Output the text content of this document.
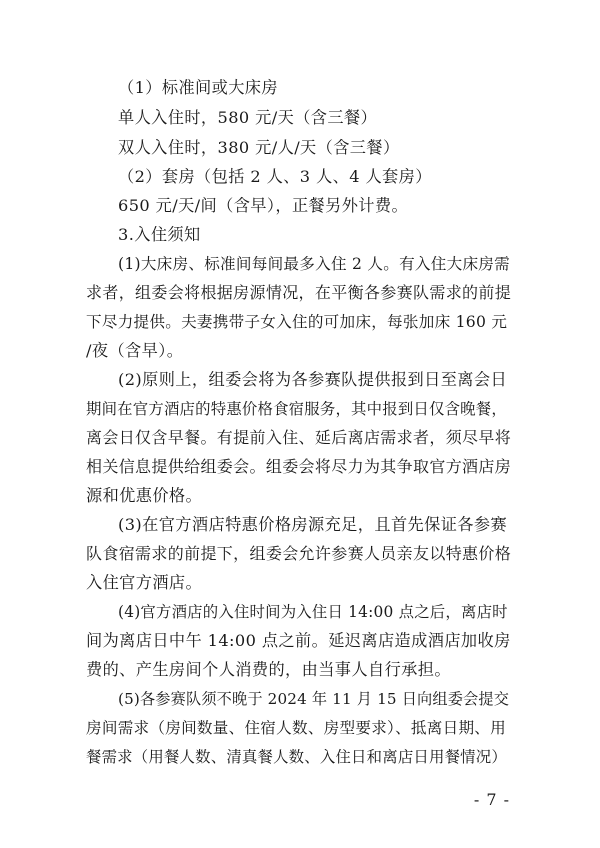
（1）标准间或大床房
单人入住时，580 元/天（含三餐）
双人入住时，380 元/人/天（含三餐）
（2）套房（包括 2 人、3 人、4 人套房）
650 元/天/间（含早），正餐另外计费。
3.入住须知
(1)大床房、标准间每间最多入住 2 人。有入住大床房需
求者，组委会将根据房源情况，在平衡各参赛队需求的前提
下尽力提供。夫妻携带子女入住的可加床，每张加床 160 元
/夜（含早）。
(2)原则上，组委会将为各参赛队提供报到日至离会日
期间在官方酒店的特惠价格食宿服务，其中报到日仅含晚餐，
离会日仅含早餐。有提前入住、延后离店需求者，须尽早将
相关信息提供给组委会。组委会将尽力为其争取官方酒店房
源和优惠价格。
(3)在官方酒店特惠价格房源充足，且首先保证各参赛
队食宿需求的前提下，组委会允许参赛人员亲友以特惠价格
入住官方酒店。
(4)官方酒店的入住时间为入住日 14:00 点之后，离店时
间为离店日中午 14:00 点之前。延迟离店造成酒店加收房
费的、产生房间个人消费的，由当事人自行承担。
(5)各参赛队须不晚于 2024 年 11 月 15 日向组委会提交
房间需求（房间数量、住宿人数、房型要求）、抵离日期、用
餐需求（用餐人数、清真餐人数、入住日和离店日用餐情况）
- 7 -
